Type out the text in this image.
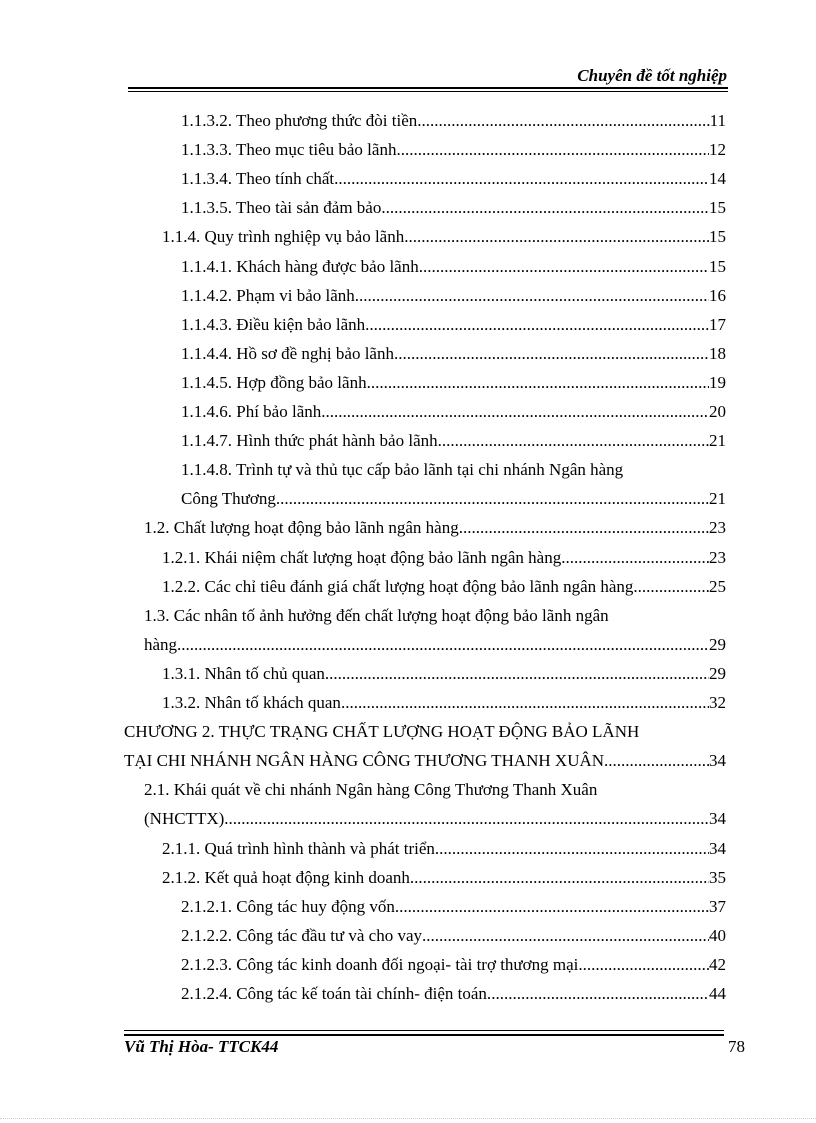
Chuyên đề tốt nghiệp
1.1.3.2. Theo phương thức đòi tiền .....	11
1.1.3.3. Theo mục tiêu bảo lãnh .....	12
1.1.3.4. Theo tính chất .....	14
1.1.3.5. Theo tài sản đảm bảo .....	15
1.1.4. Quy trình nghiệp vụ bảo lãnh .....	15
1.1.4.1. Khách hàng được bảo lãnh .....	15
1.1.4.2. Phạm vi bảo lãnh .....	16
1.1.4.3. Điều kiện bảo lãnh .....	17
1.1.4.4. Hồ sơ đề nghị bảo lãnh .....	18
1.1.4.5. Hợp đồng bảo lãnh .....	19
1.1.4.6. Phí bảo lãnh .....	20
1.1.4.7. Hình thức phát hành bảo lãnh .....	21
1.1.4.8. Trình tự và thủ tục cấp bảo lãnh tại chi nhánh Ngân hàng
Công Thương .....	21
1.2. Chất lượng hoạt động bảo lãnh ngân hàng .....	23
1.2.1. Khái niệm chất lượng hoạt động bảo lãnh ngân hàng .....	23
1.2.2. Các chỉ tiêu đánh giá chất lượng hoạt động bảo lãnh ngân hàng .....	25
1.3. Các nhân tố ảnh hưởng đến chất lượng hoạt động bảo lãnh ngân
hàng .....	29
1.3.1. Nhân tố chủ quan .....	29
1.3.2. Nhân tố khách quan .....	32
CHƯƠNG 2. THỰC TRẠNG CHẤT LƯỢNG HOẠT ĐỘNG BẢO LÃNH
TẠI CHI NHÁNH NGÂN HÀNG CÔNG THƯƠNG THANH XUÂN .....	34
2.1. Khái quát về chi nhánh Ngân hàng Công Thương Thanh Xuân
(NHCTTX) .....	34
2.1.1. Quá trình hình thành và phát triển .....	34
2.1.2. Kết quả hoạt động kinh doanh .....	35
2.1.2.1. Công tác huy động vốn .....	37
2.1.2.2. Công tác đầu tư và cho vay .....	40
2.1.2.3. Công tác kinh doanh đối ngoại- tài trợ thương mại .....	42
2.1.2.4. Công tác kế toán tài chính- điện toán. .....	44
Vũ Thị Hòa- TTCK44	78
